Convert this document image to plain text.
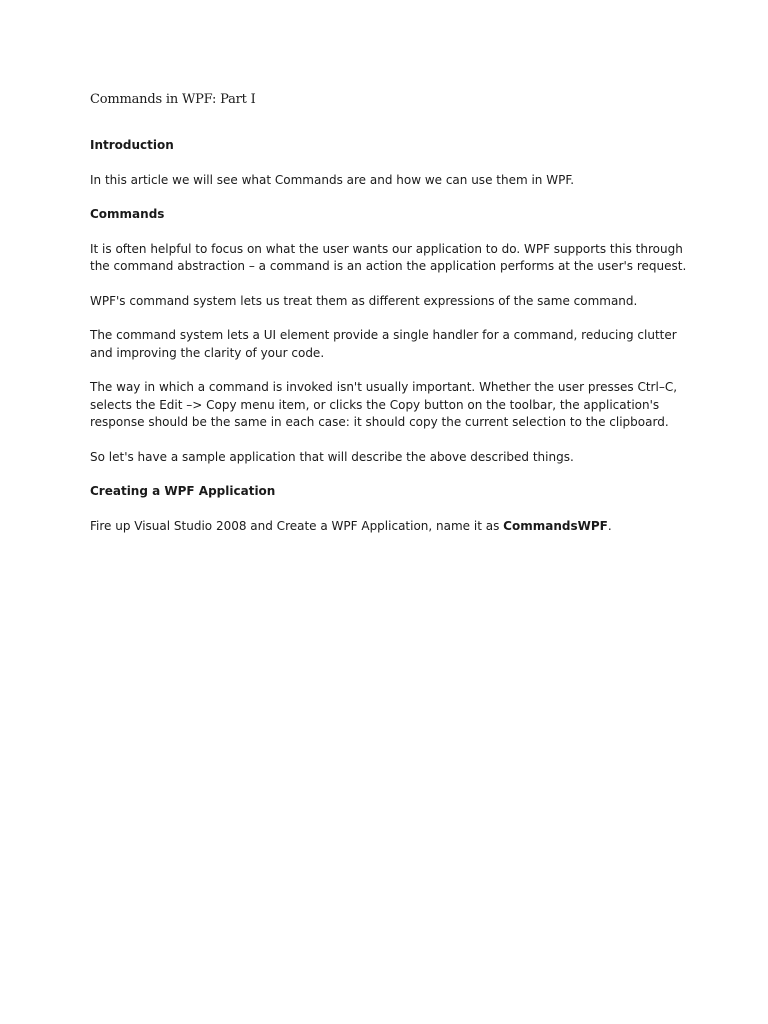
Commands in WPF: Part I
Introduction

In this article we will see what Commands are and how we can use them in WPF.

Commands

It is often helpful to focus on what the user wants our application to do. WPF supports this through the command abstraction – a command is an action the application performs at the user's request.

WPF's command system lets us treat them as different expressions of the same command.

The command system lets a UI element provide a single handler for a command, reducing clutter and improving the clarity of your code.

The way in which a command is invoked isn't usually important. Whether the user presses Ctrl–C, selects the Edit –> Copy menu item, or clicks the Copy button on the toolbar, the application's response should be the same in each case: it should copy the current selection to the clipboard.

So let's have a sample application that will describe the above described things.

Creating a WPF Application

Fire up Visual Studio 2008 and Create a WPF Application, name it as CommandsWPF.
